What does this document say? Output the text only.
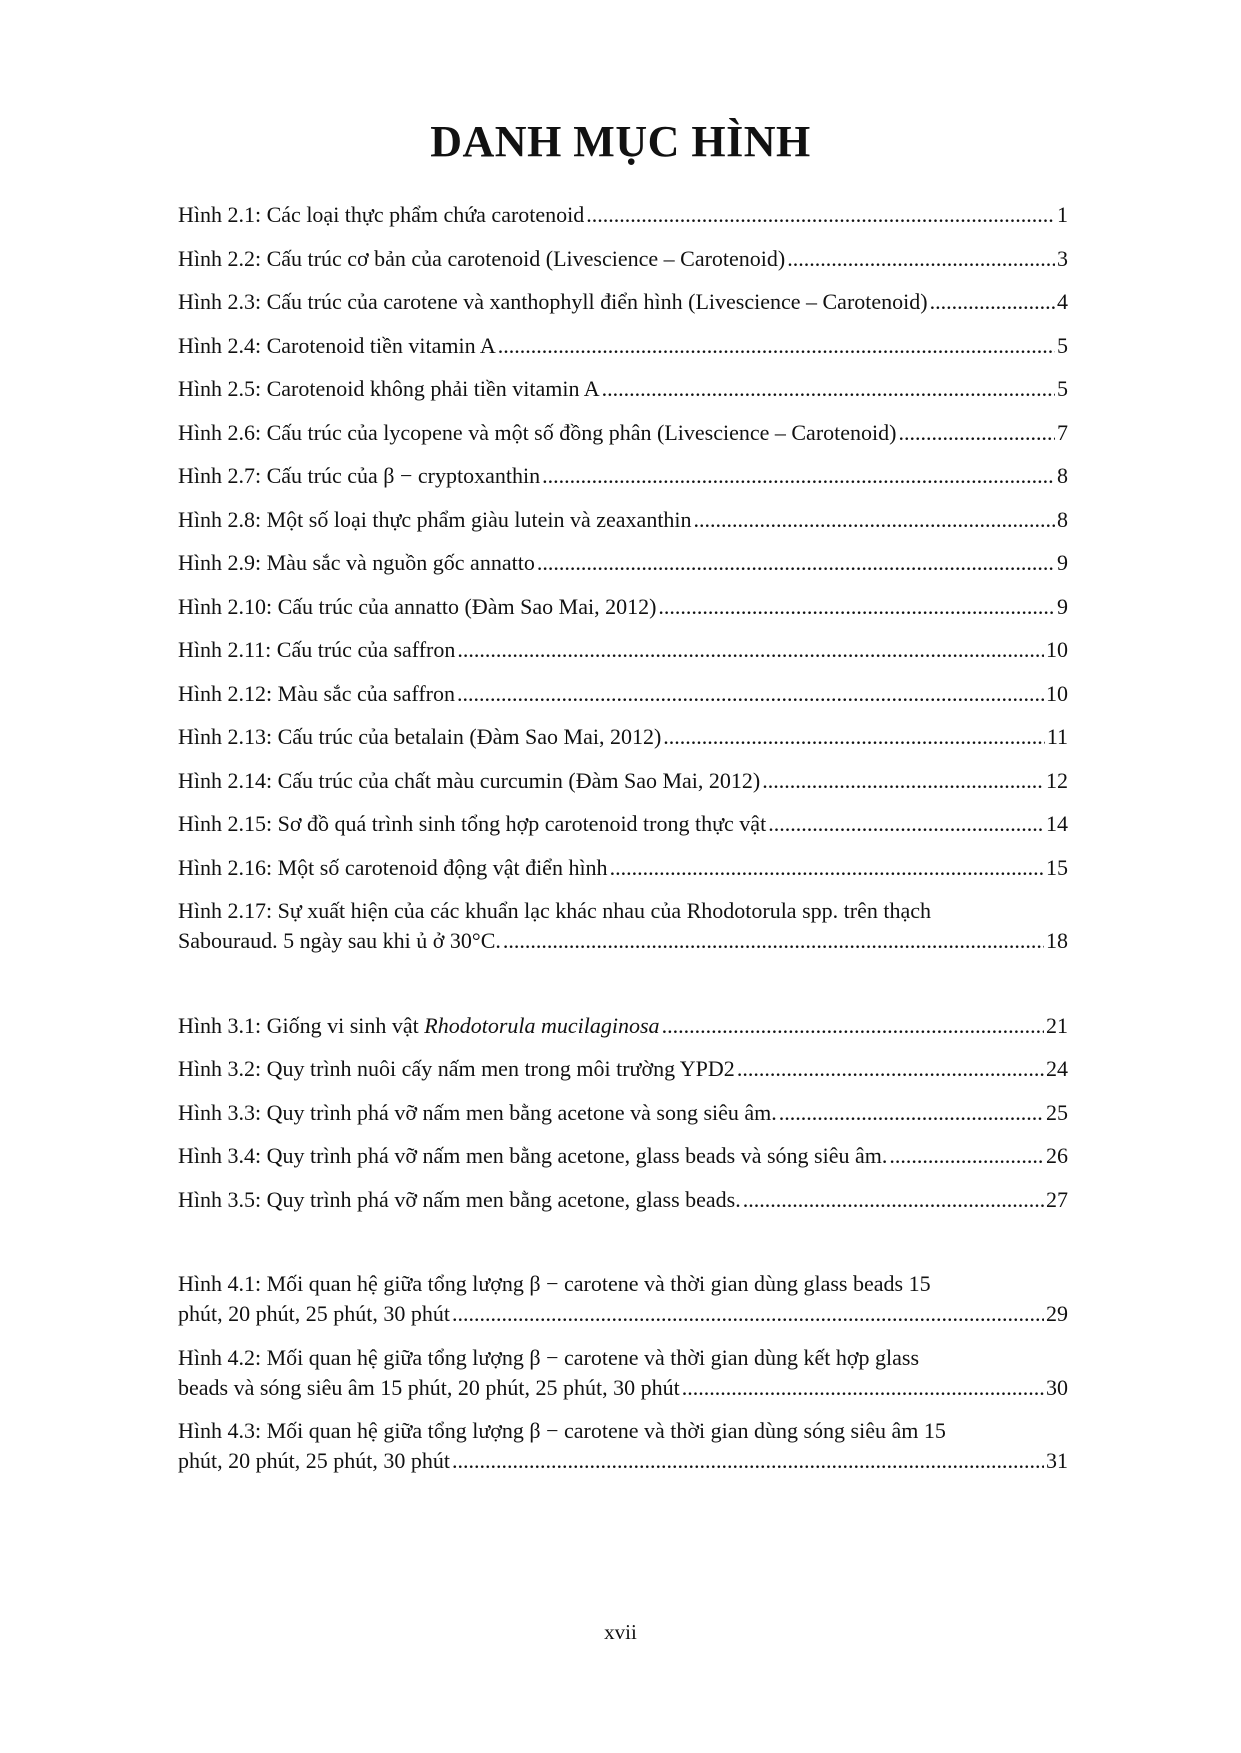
DANH MỤC HÌNH
Hình 2.1: Các loại thực phẩm chứa carotenoid .....	1
Hình 2.2: Cấu trúc cơ bản của carotenoid (Livescience – Carotenoid) .....	3
Hình 2.3: Cấu trúc của carotene và xanthophyll điển hình (Livescience – Carotenoid) .....	4
Hình 2.4: Carotenoid tiền vitamin A .....	5
Hình 2.5: Carotenoid không phải tiền vitamin A .....	5
Hình 2.6: Cấu trúc của lycopene và một số đồng phân (Livescience – Carotenoid) .....	7
Hình 2.7: Cấu trúc của β − cryptoxanthin .....	8
Hình 2.8: Một số loại thực phẩm giàu lutein và zeaxanthin .....	8
Hình 2.9: Màu sắc và nguồn gốc annatto .....	9
Hình 2.10: Cấu trúc của annatto (Đàm Sao Mai, 2012) .....	9
Hình 2.11: Cấu trúc của saffron .....	10
Hình 2.12: Màu sắc của saffron .....	10
Hình 2.13: Cấu trúc của betalain (Đàm Sao Mai, 2012) .....	11
Hình 2.14: Cấu trúc của chất màu curcumin (Đàm Sao Mai, 2012) .....	12
Hình 2.15: Sơ đồ quá trình sinh tổng hợp carotenoid trong thực vật .....	14
Hình 2.16: Một số carotenoid động vật điển hình .....	15
Hình 2.17: Sự xuất hiện của các khuẩn lạc khác nhau của Rhodotorula spp. trên thạch
Sabouraud. 5 ngày sau khi ủ ở 30°C. .....	18
Hình 3.1: Giống vi sinh vật Rhodotorula mucilaginosa .....	21
Hình 3.2: Quy trình nuôi cấy nấm men trong môi trường YPD2 .....	24
Hình 3.3: Quy trình phá vỡ nấm men bằng acetone và song siêu âm. .....	25
Hình 3.4: Quy trình phá vỡ nấm men bằng acetone, glass beads và sóng siêu âm. .....	26
Hình 3.5: Quy trình phá vỡ nấm men bằng acetone, glass beads. .....	27
Hình 4.1: Mối quan hệ giữa tổng lượng β − carotene và thời gian dùng glass beads 15
phút, 20 phút, 25 phút, 30 phút .....	29
Hình 4.2: Mối quan hệ giữa tổng lượng β − carotene và thời gian dùng kết hợp glass
beads và sóng siêu âm 15 phút, 20 phút, 25 phút, 30 phút .....	30
Hình 4.3: Mối quan hệ giữa tổng lượng β − carotene và thời gian dùng sóng siêu âm 15
phút, 20 phút, 25 phút, 30 phút .....	31
xvii
